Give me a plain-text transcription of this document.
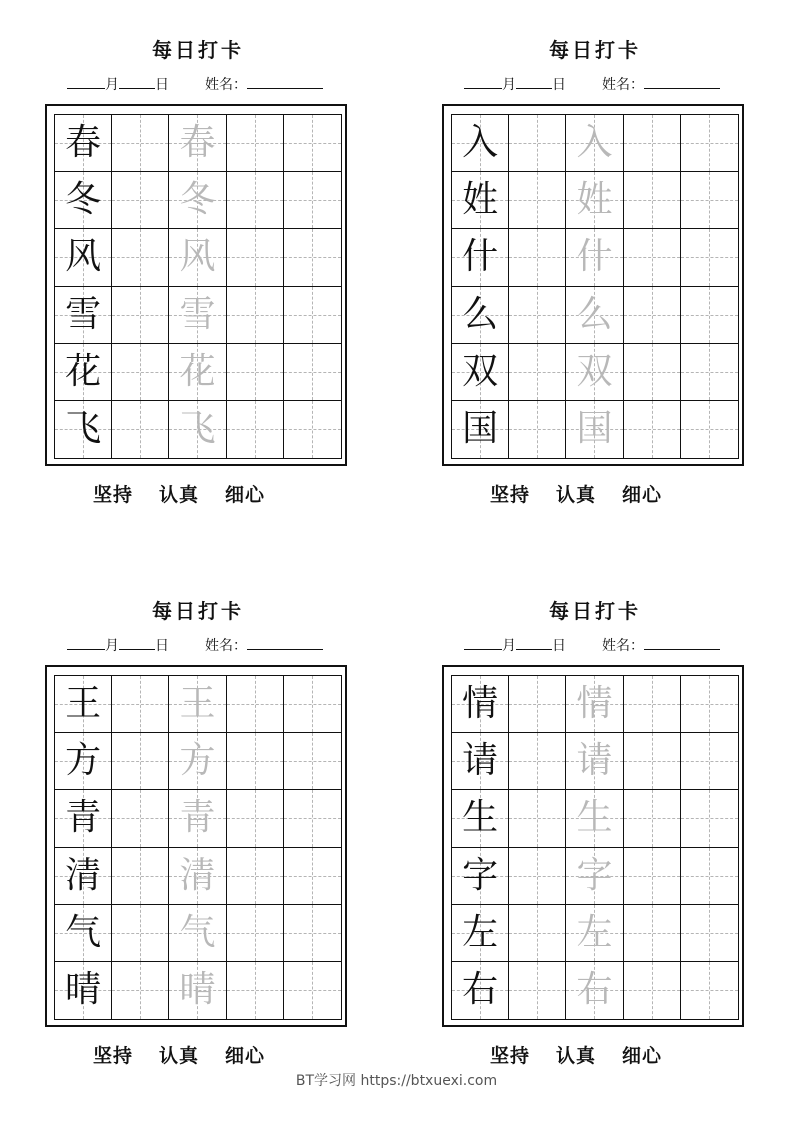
每日打卡
月	日	姓名：
春 春
冬 冬
风 风
雪 雪
花 花
飞 飞
坚持 认真 细心
每日打卡
月	日	姓名：
入 入
姓 姓
什 什
么 么
双 双
国 国
坚持 认真 细心
每日打卡
月	日	姓名：
王 王
方 方
青 青
清 清
气 气
晴 晴
坚持 认真 细心
每日打卡
月	日	姓名：
情 情
请 请
生 生
字 字
左 左
右 右
坚持 认真 细心
BT学习网 https://btxuexi.com
